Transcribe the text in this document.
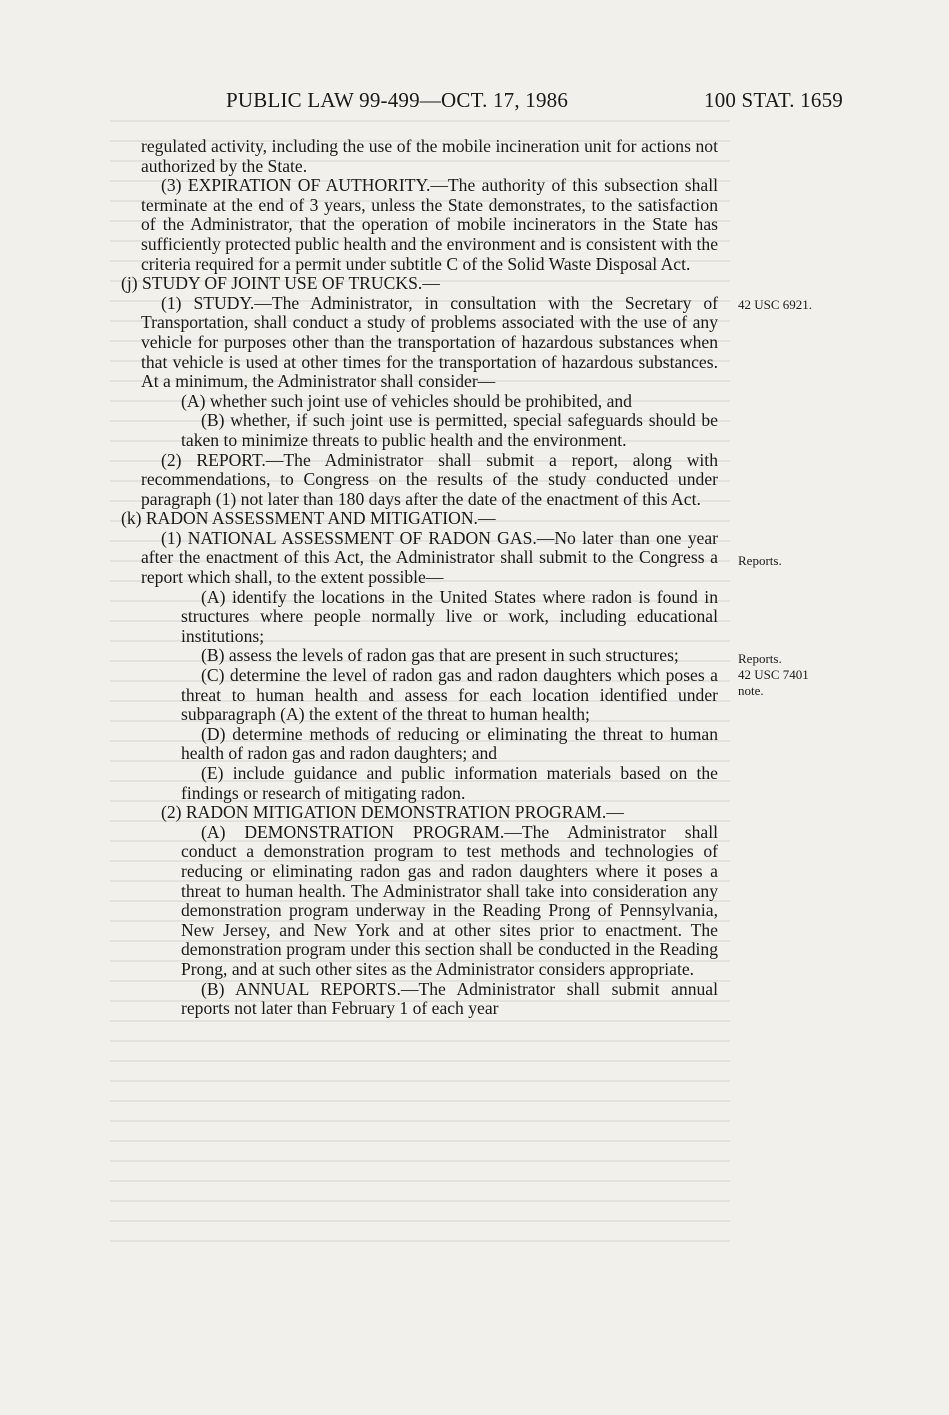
PUBLIC LAW 99-499—OCT. 17, 1986	100 STAT. 1659

regulated activity, including the use of the mobile incineration unit for actions not authorized by the State.

(3) EXPIRATION OF AUTHORITY.—The authority of this subsection shall terminate at the end of 3 years, unless the State demonstrates, to the satisfaction of the Administrator, that the operation of mobile incinerators in the State has sufficiently protected public health and the environment and is consistent with the criteria required for a permit under subtitle C of the Solid Waste Disposal Act.

(j) STUDY OF JOINT USE OF TRUCKS.—

(1) STUDY.—The Administrator, in consultation with the Secretary of Transportation, shall conduct a study of problems associated with the use of any vehicle for purposes other than the transportation of hazardous substances when that vehicle is used at other times for the transportation of hazardous substances. At a minimum, the Administrator shall consider—

(A) whether such joint use of vehicles should be prohibited, and

(B) whether, if such joint use is permitted, special safeguards should be taken to minimize threats to public health and the environment.

(2) REPORT.—The Administrator shall submit a report, along with recommendations, to Congress on the results of the study conducted under paragraph (1) not later than 180 days after the date of the enactment of this Act.

(k) RADON ASSESSMENT AND MITIGATION.—

(1) NATIONAL ASSESSMENT OF RADON GAS.—No later than one year after the enactment of this Act, the Administrator shall submit to the Congress a report which shall, to the extent possible—

(A) identify the locations in the United States where radon is found in structures where people normally live or work, including educational institutions;

(B) assess the levels of radon gas that are present in such structures;

(C) determine the level of radon gas and radon daughters which poses a threat to human health and assess for each location identified under subparagraph (A) the extent of the threat to human health;

(D) determine methods of reducing or eliminating the threat to human health of radon gas and radon daughters; and

(E) include guidance and public information materials based on the findings or research of mitigating radon.

(2) RADON MITIGATION DEMONSTRATION PROGRAM.—

(A) DEMONSTRATION PROGRAM.—The Administrator shall conduct a demonstration program to test methods and technologies of reducing or eliminating radon gas and radon daughters where it poses a threat to human health. The Administrator shall take into consideration any demonstration program underway in the Reading Prong of Pennsylvania, New Jersey, and New York and at other sites prior to enactment. The demonstration program under this section shall be conducted in the Reading Prong, and at such other sites as the Administrator considers appropriate.

(B) ANNUAL REPORTS.—The Administrator shall submit annual reports not later than February 1 of each year

42 USC 6921.
Reports.
Reports.
42 USC 7401
note.
